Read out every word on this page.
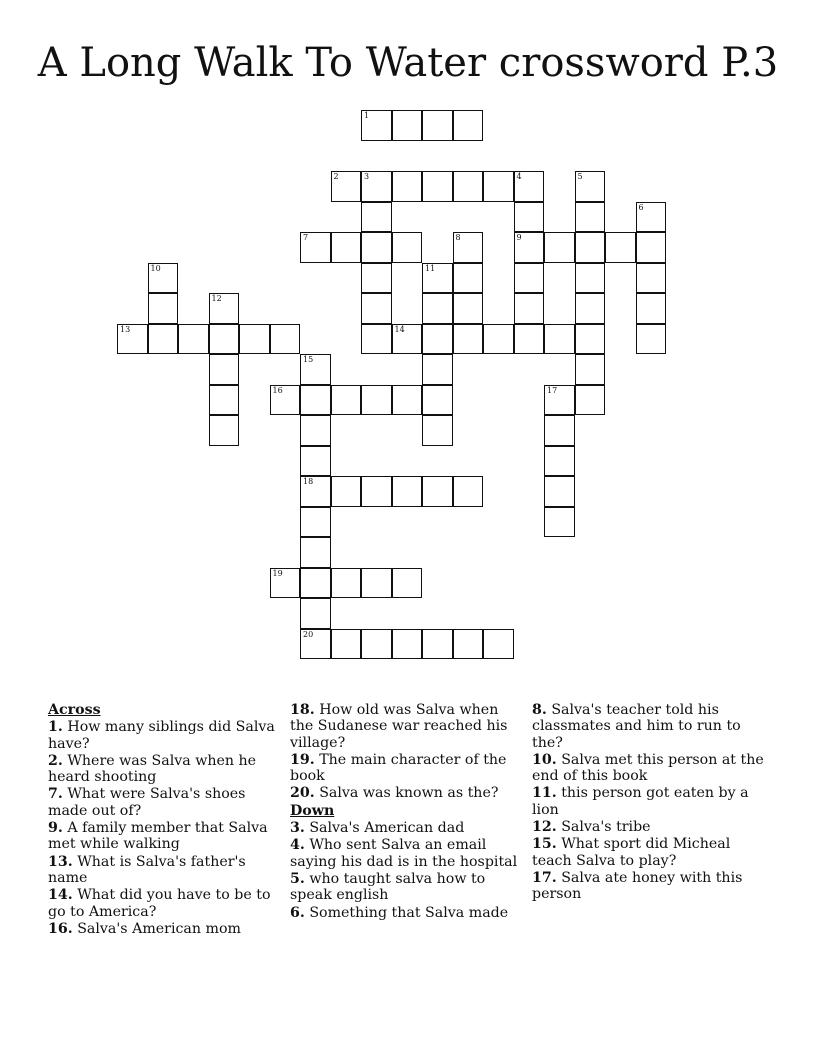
A Long Walk To Water crossword P.3
1
2	3	4
9
5
6
7	8
10	11
12
13	14
15
18
20
16	17
19
Across
1. How many siblings did Salva have?
2. Where was Salva when he heard shooting
7. What were Salva's shoes made out of?
9. A family member that Salva met while walking
13. What is Salva's father's name
14. What did you have to be to go to America?
16. Salva's American mom
18. How old was Salva when the Sudanese war reached his village?
19. The main character of the book
20. Salva was known as the?
Down
3. Salva's American dad
4. Who sent Salva an email saying his dad is in the hospital
5. who taught salva how to speak english
6. Something that Salva made
8. Salva's teacher told his classmates and him to run to the?
10. Salva met this person at the end of this book
11. this person got eaten by a lion
12. Salva's tribe
15. What sport did Micheal teach Salva to play?
17. Salva ate honey with this person
